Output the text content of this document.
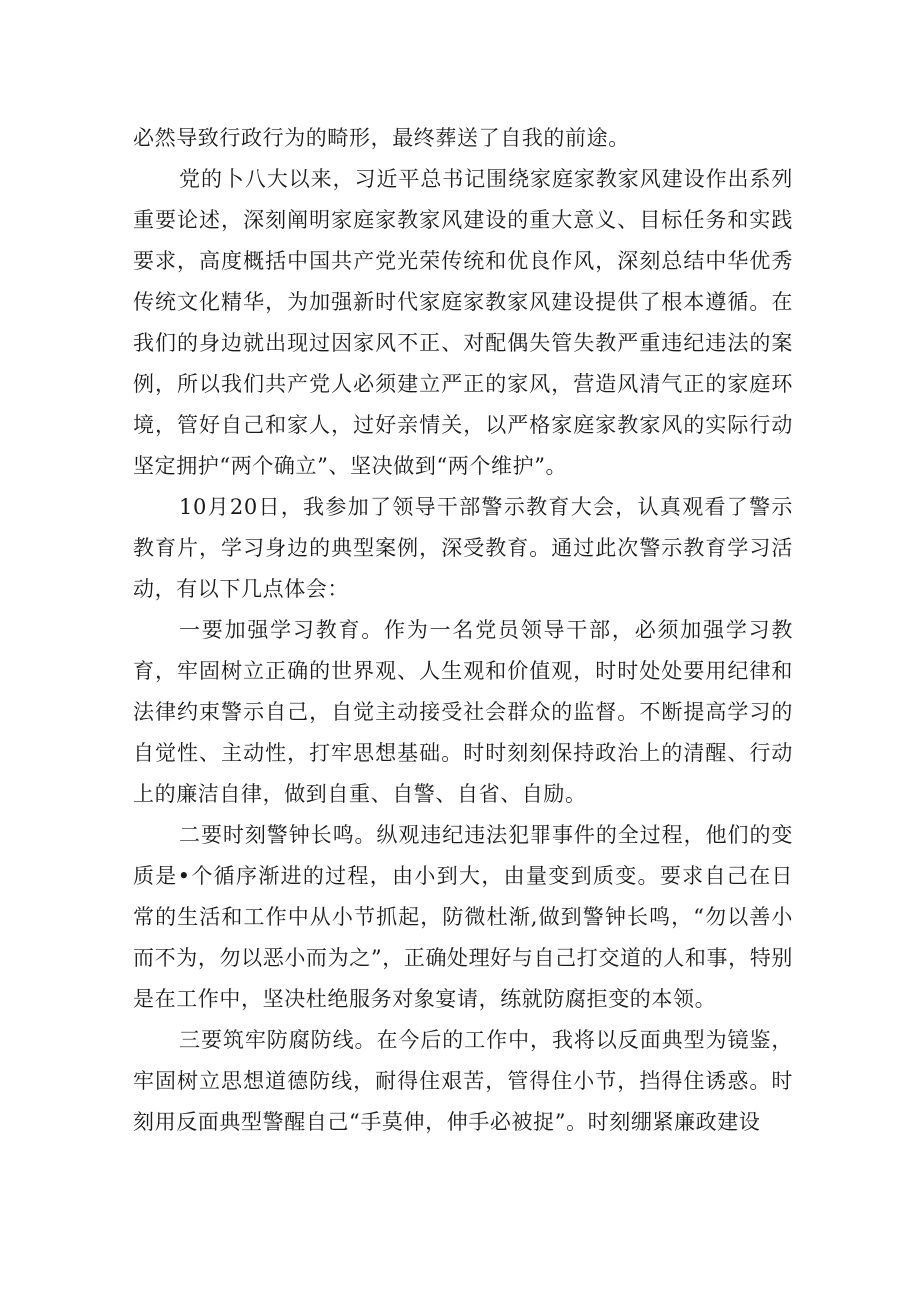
必然导致行政行为的畸形，最终葬送了自我的前途。

党的卜八大以来，习近平总书记围绕家庭家教家风建设作出系列重要论述，深刻阐明家庭家教家风建设的重大意义、目标任务和实践要求，高度概括中国共产党光荣传统和优良作风，深刻总结中华优秀传统文化精华，为加强新时代家庭家教家风建设提供了根本遵循。在我们的身边就出现过因家风不正、对配偶失管失教严重违纪违法的案例，所以我们共产党人必须建立严正的家风，营造风清气正的家庭环境，管好自己和家人，过好亲情关，以严格家庭家教家风的实际行动坚定拥护“两个确立”、坚决做到“两个维护”。

10月20日，我参加了领导干部警示教育大会，认真观看了警示教育片，学习身边的典型案例，深受教育。通过此次警示教育学习活动，有以下几点体会：

一要加强学习教育。作为一名党员领导干部，必须加强学习教育，牢固树立正确的世界观、人生观和价值观，时时处处要用纪律和法律约束警示自己，自觉主动接受社会群众的监督。不断提高学习的自觉性、主动性，打牢思想基础。时时刻刻保持政治上的清醒、行动上的廉洁自律，做到自重、自警、自省、自励。

二要时刻警钟长鸣。纵观违纪违法犯罪事件的全过程，他们的变质是•个循序渐进的过程，由小到大，由量变到质变。要求自己在日常的生活和工作中从小节抓起，防微杜渐,做到警钟长鸣，“勿以善小而不为，勿以恶小而为之”，正确处理好与自己打交道的人和事，特别是在工作中，坚决杜绝服务对象宴请，练就防腐拒变的本领。

三要筑牢防腐防线。在今后的工作中，我将以反面典型为镜鉴，牢固树立思想道德防线，耐得住艰苦，管得住小节，挡得住诱惑。时刻用反面典型警醒自己“手莫伸，伸手必被捉”。时刻绷紧廉政建设
